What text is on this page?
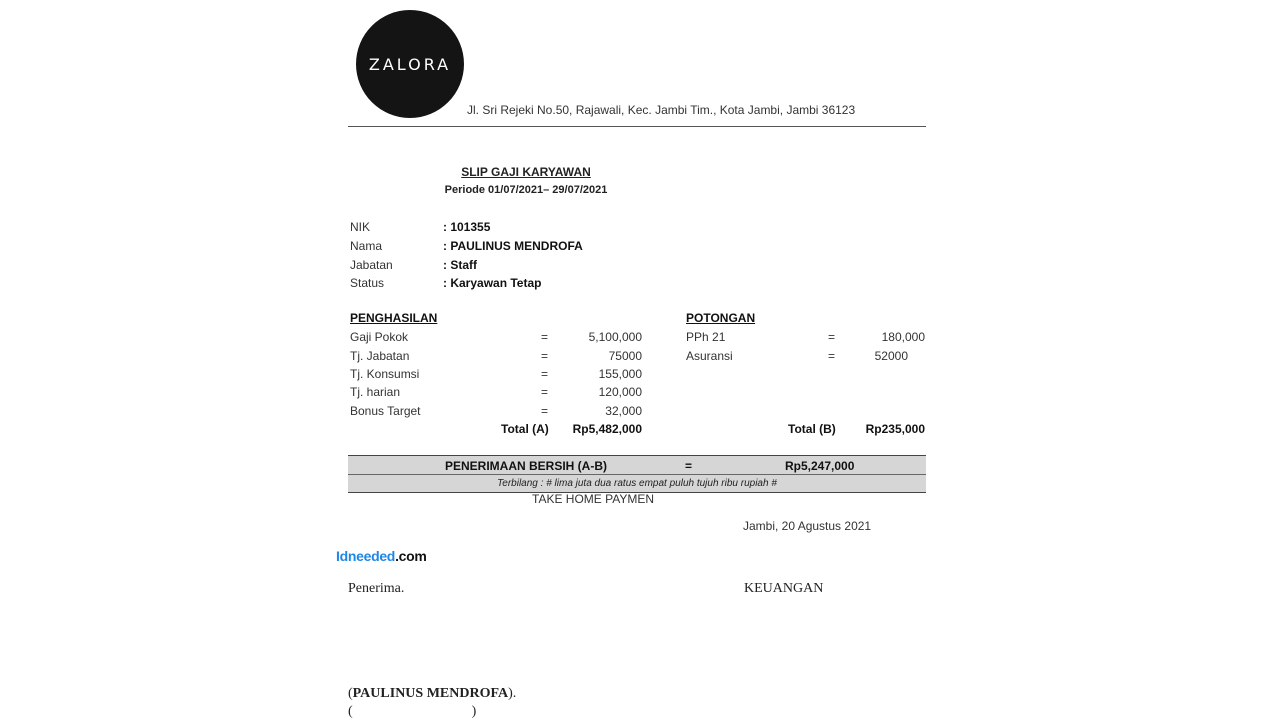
ZALORA
Jl. Sri Rejeki No.50, Rajawali, Kec. Jambi Tim., Kota Jambi, Jambi 36123
SLIP GAJI KARYAWAN
Periode 01/07/2021– 29/07/2021
NIK	: 101355
Nama	: PAULINUS MENDROFA
Jabatan	: Staff
Status	: Karyawan Tetap
PENGHASILAN
Gaji Pokok	=	5,100,000
Tj. Jabatan	=	75000
Tj. Konsumsi	=	155,000
Tj. harian	=	120,000
Bonus Target	=	32,000
Total (A)	Rp5,482,000
POTONGAN
PPh 21	=	180,000
Asuransi	=	52000
Total (B)	Rp235,000
PENERIMAAN BERSIH (A-B)	=	Rp5,247,000
Terbilang : # lima juta dua ratus empat puluh tujuh ribu rupiah #
TAKE HOME PAYMEN
Jambi, 20 Agustus 2021
Idneeded.com
Penerima.	KEUANGAN
(PAULINUS MENDROFA).
(                                  )
